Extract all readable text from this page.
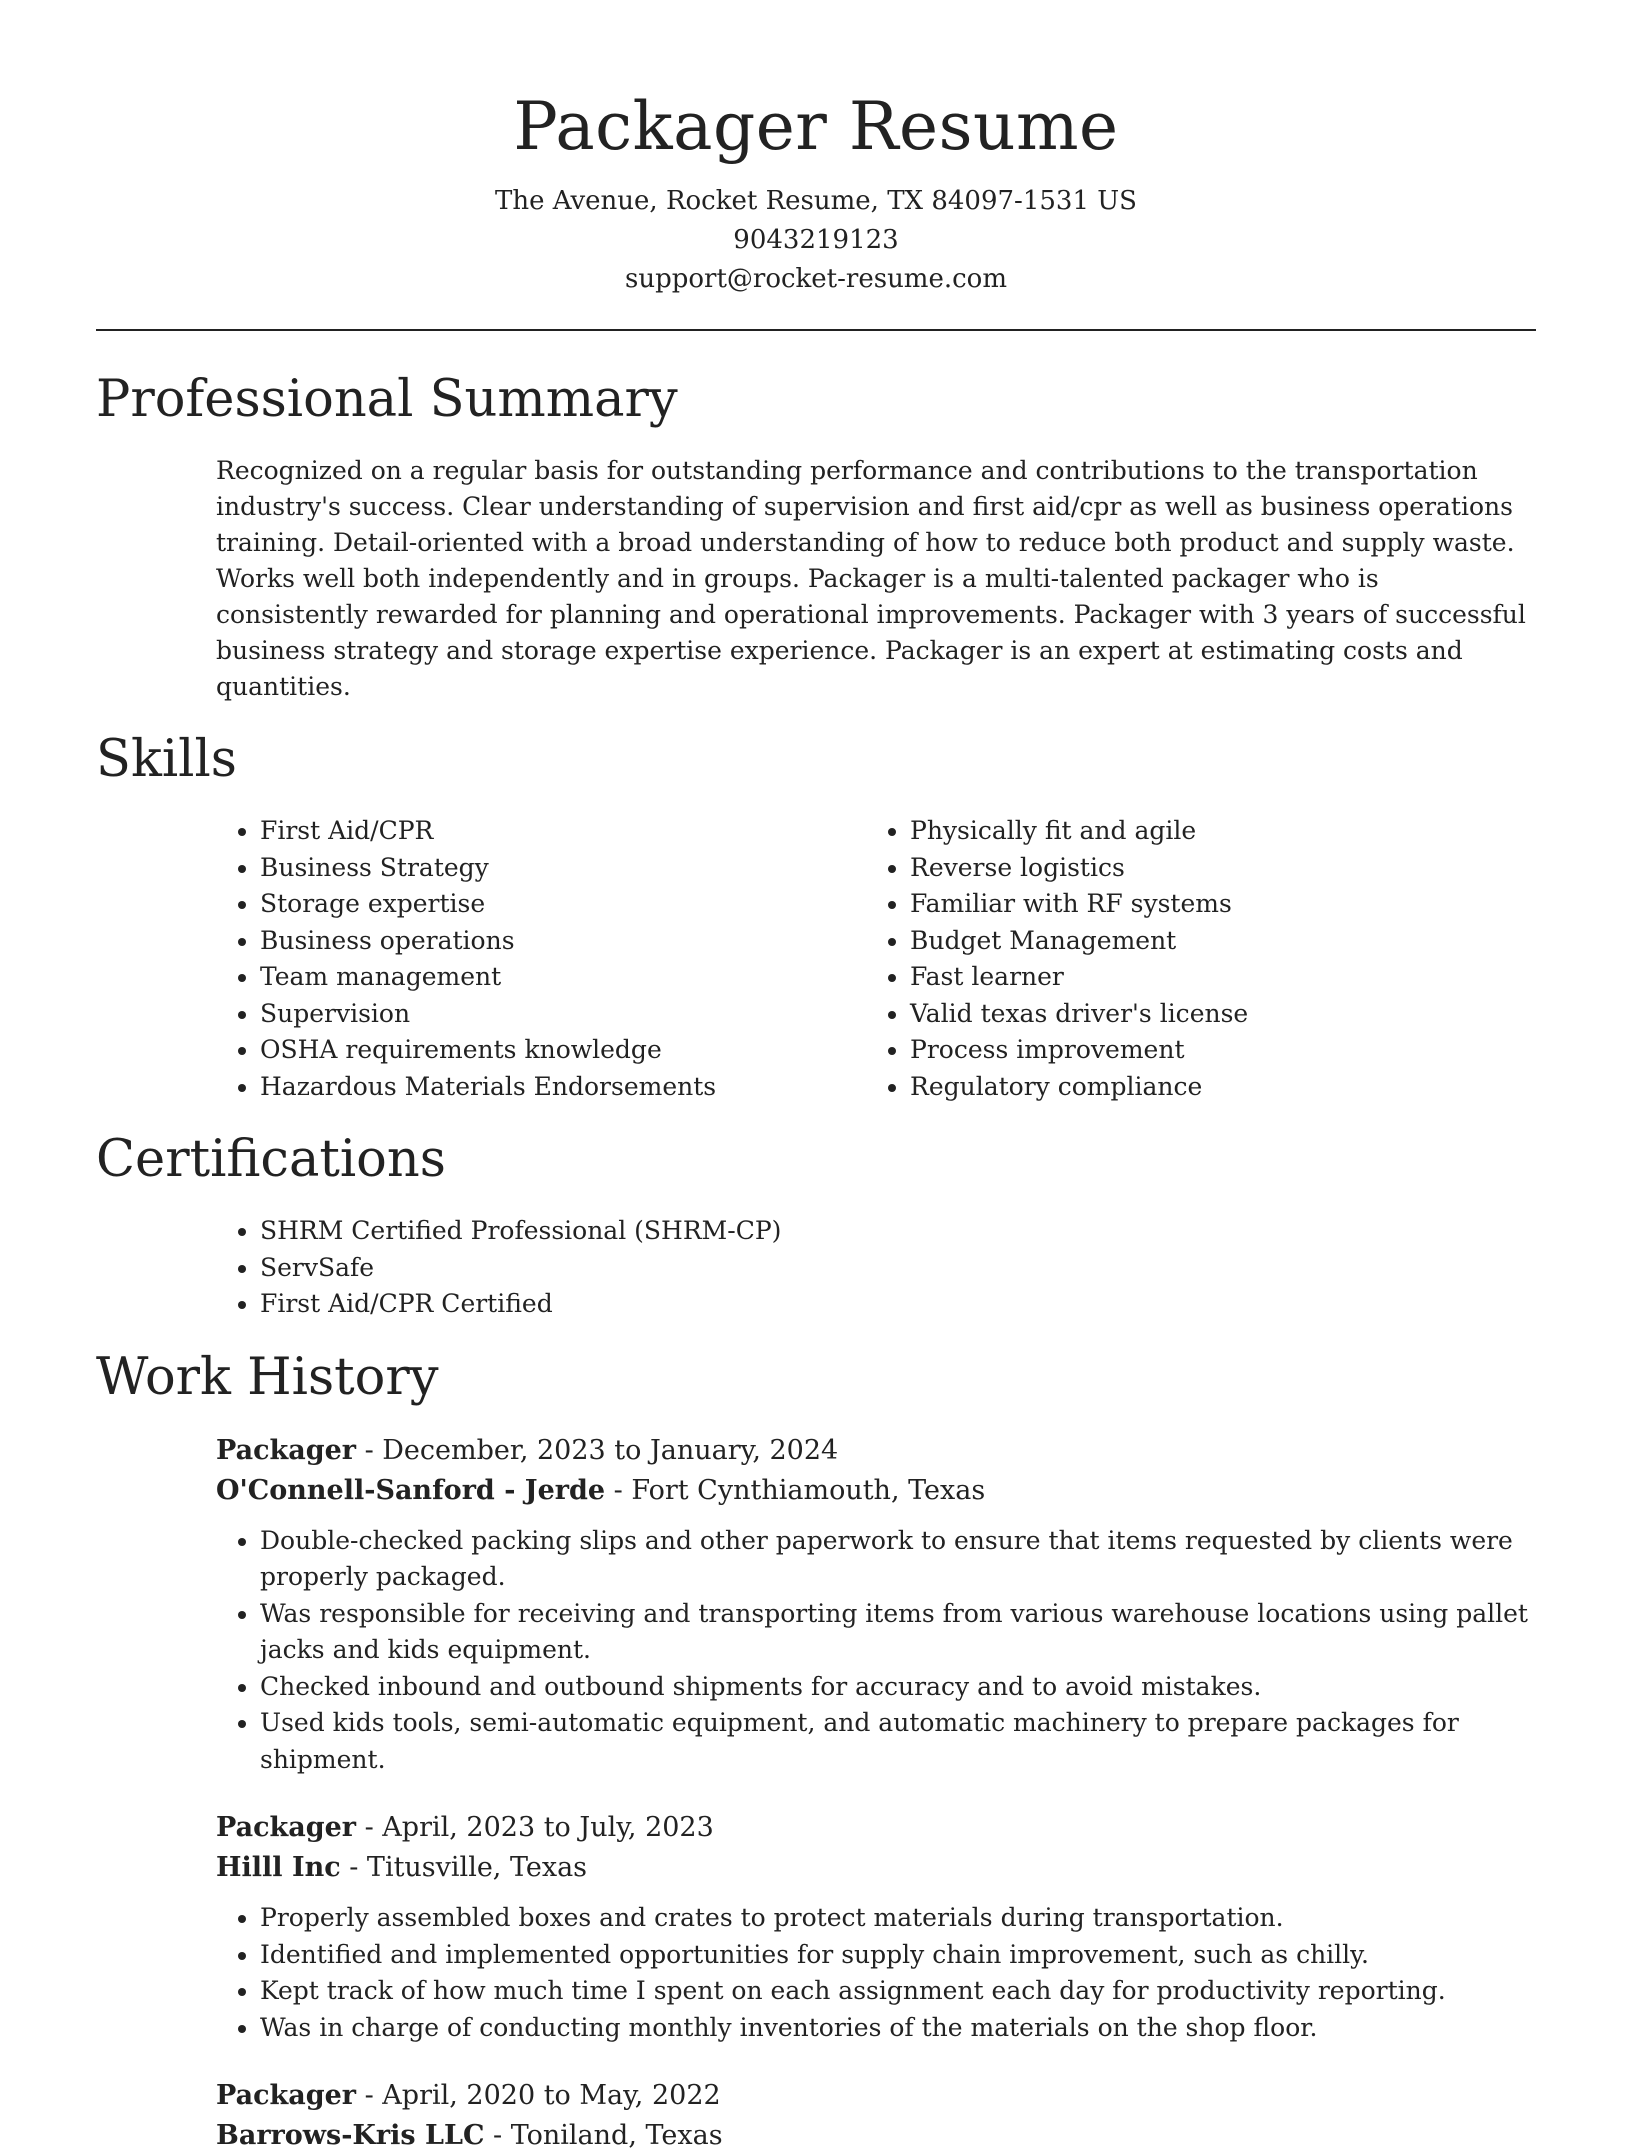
Packager Resume
The Avenue, Rocket Resume, TX 84097-1531 US
9043219123
support@rocket-resume.com
Professional Summary

Recognized on a regular basis for outstanding performance and contributions to the transportation industry's success. Clear understanding of supervision and first aid/cpr as well as business operations training. Detail-oriented with a broad understanding of how to reduce both product and supply waste. Works well both independently and in groups. Packager is a multi-talented packager who is consistently rewarded for planning and operational improvements. Packager with 3 years of successful business strategy and storage expertise experience. Packager is an expert at estimating costs and quantities.

Skills
• First Aid/CPR
• Business Strategy
• Storage expertise
• Business operations
• Team management
• Supervision
• OSHA requirements knowledge
• Hazardous Materials Endorsements
• Physically fit and agile
• Reverse logistics
• Familiar with RF systems
• Budget Management
• Fast learner
• Valid texas driver's license
• Process improvement
• Regulatory compliance
Certifications
• SHRM Certified Professional (SHRM-CP)
• ServSafe
• First Aid/CPR Certified
Work History
Packager - December, 2023 to January, 2024
O'Connell-Sanford - Jerde - Fort Cynthiamouth, Texas
• Double-checked packing slips and other paperwork to ensure that items requested by clients were properly packaged.
• Was responsible for receiving and transporting items from various warehouse locations using pallet jacks and kids equipment.
• Checked inbound and outbound shipments for accuracy and to avoid mistakes.
• Used kids tools, semi-automatic equipment, and automatic machinery to prepare packages for shipment.
Packager - April, 2023 to July, 2023
Hilll Inc - Titusville, Texas
• Properly assembled boxes and crates to protect materials during transportation.
• Identified and implemented opportunities for supply chain improvement, such as chilly.
• Kept track of how much time I spent on each assignment each day for productivity reporting.
• Was in charge of conducting monthly inventories of the materials on the shop floor.
Packager - April, 2020 to May, 2022
Barrows-Kris LLC - Toniland, Texas
